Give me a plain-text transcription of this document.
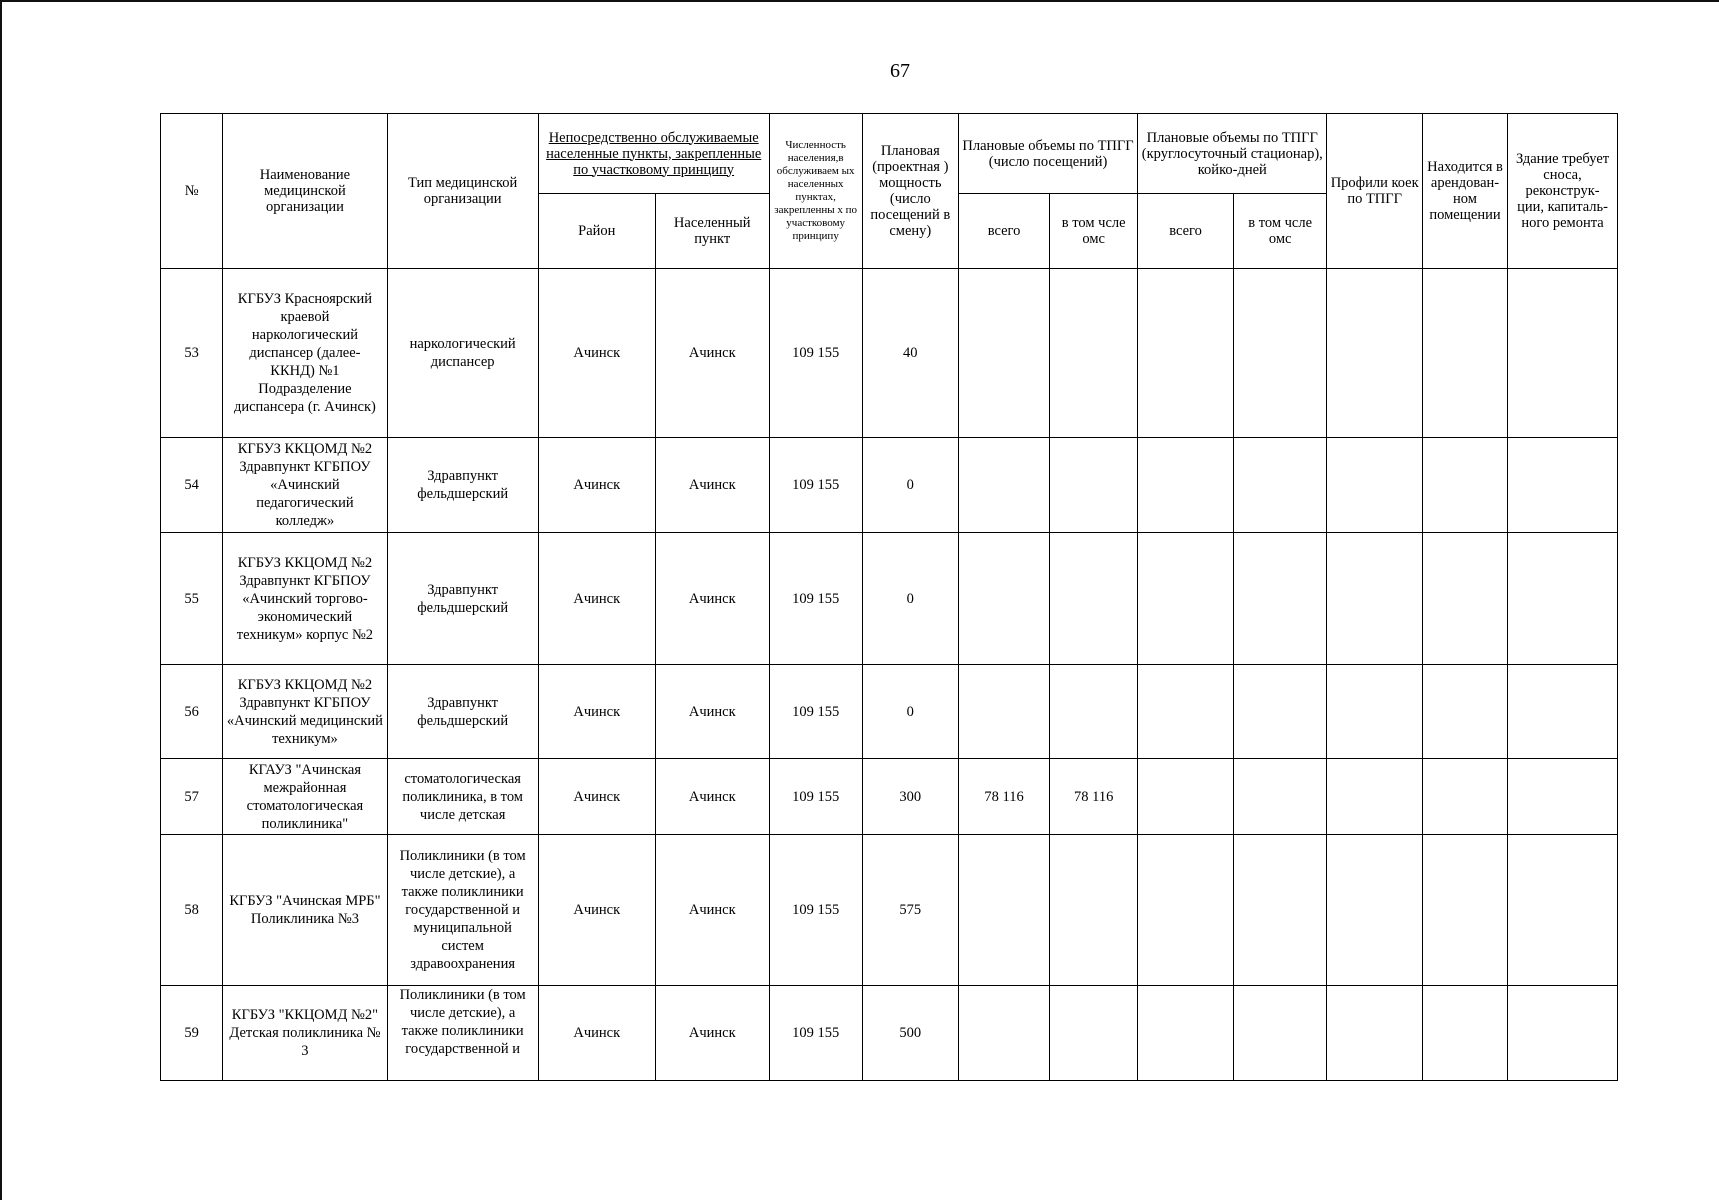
67
№	Наименование медицинской организации	Тип медицинской организации	Непосредственно обслуживаемые населенные пункты, закрепленные по участковому принципу		Численность населения,в обслуживаем ых населенных пунктах, закрепленны х по участковому принципу	Плановая (проектная ) мощность (число посещений в смену)	Плановые объемы по ТПГГ (число посещений)		Плановые объемы по ТПГГ (круглосуточный стационар), койко-дней		Профили коек по ТПГГ	Находится в арендован- ном помещении	Здание требует сноса, реконструк- ции, капиталь- ного ремонта
			Район	Населенный пункт			всего	в том чсле омс	всего	в том чсле омс			
53	КГБУЗ Красноярский краевой наркологический диспансер (далее- ККНД) №1 Подразделение диспансера (г. Ачинск)	наркологический диспансер	Ачинск	Ачинск	109 155	40							
54	КГБУЗ ККЦОМД №2 Здравпункт КГБПОУ «Ачинский педагогический колледж»	Здравпункт фельдшерский	Ачинск	Ачинск	109 155	0							
55	КГБУЗ ККЦОМД №2 Здравпункт КГБПОУ «Ачинский торгово- экономический техникум» корпус №2	Здравпункт фельдшерский	Ачинск	Ачинск	109 155	0							
56	КГБУЗ ККЦОМД №2 Здравпункт КГБПОУ «Ачинский медицинский техникум»	Здравпункт фельдшерский	Ачинск	Ачинск	109 155	0							
57	КГАУЗ "Ачинская межрайонная стоматологическая поликлиника"	стоматологическая поликлиника, в том числе детская	Ачинск	Ачинск	109 155	300	78 116	78 116					
58	КГБУЗ "Ачинская МРБ" Поликлиника №3	Поликлиники (в том числе детские), а также поликлиники государственной и муниципальной систем здравоохранения	Ачинск	Ачинск	109 155	575							
59	КГБУЗ "ККЦОМД №2" Детская поликлиника № 3	Поликлиники (в том числе детские), а также поликлиники государственной и	Ачинск	Ачинск	109 155	500							
